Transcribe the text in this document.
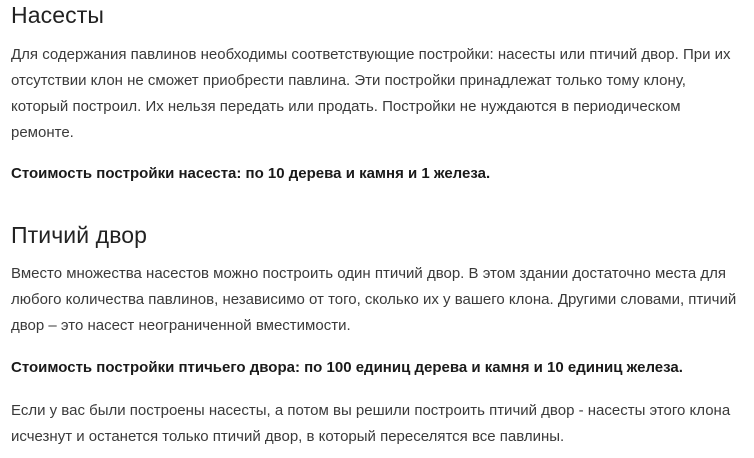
Насесты

Для содержания павлинов необходимы соответствующие постройки: насесты или птичий двор. При их отсутствии клон не сможет приобрести павлина. Эти постройки принадлежат только тому клону, который построил. Их нельзя передать или продать. Постройки не нуждаются в периодическом ремонте.

Стоимость постройки насеста: по 10 дерева и камня и 1 железа.

Птичий двор

Вместо множества насестов можно построить один птичий двор. В этом здании достаточно места для любого количества павлинов, независимо от того, сколько их у вашего клона. Другими словами, птичий двор – это насест неограниченной вместимости.

Стоимость постройки птичьего двора: по 100 единиц дерева и камня и 10 единиц железа.

Если у вас были построены насесты, а потом вы решили построить птичий двор - насесты этого клона исчезнут и останется только птичий двор, в который переселятся все павлины.
